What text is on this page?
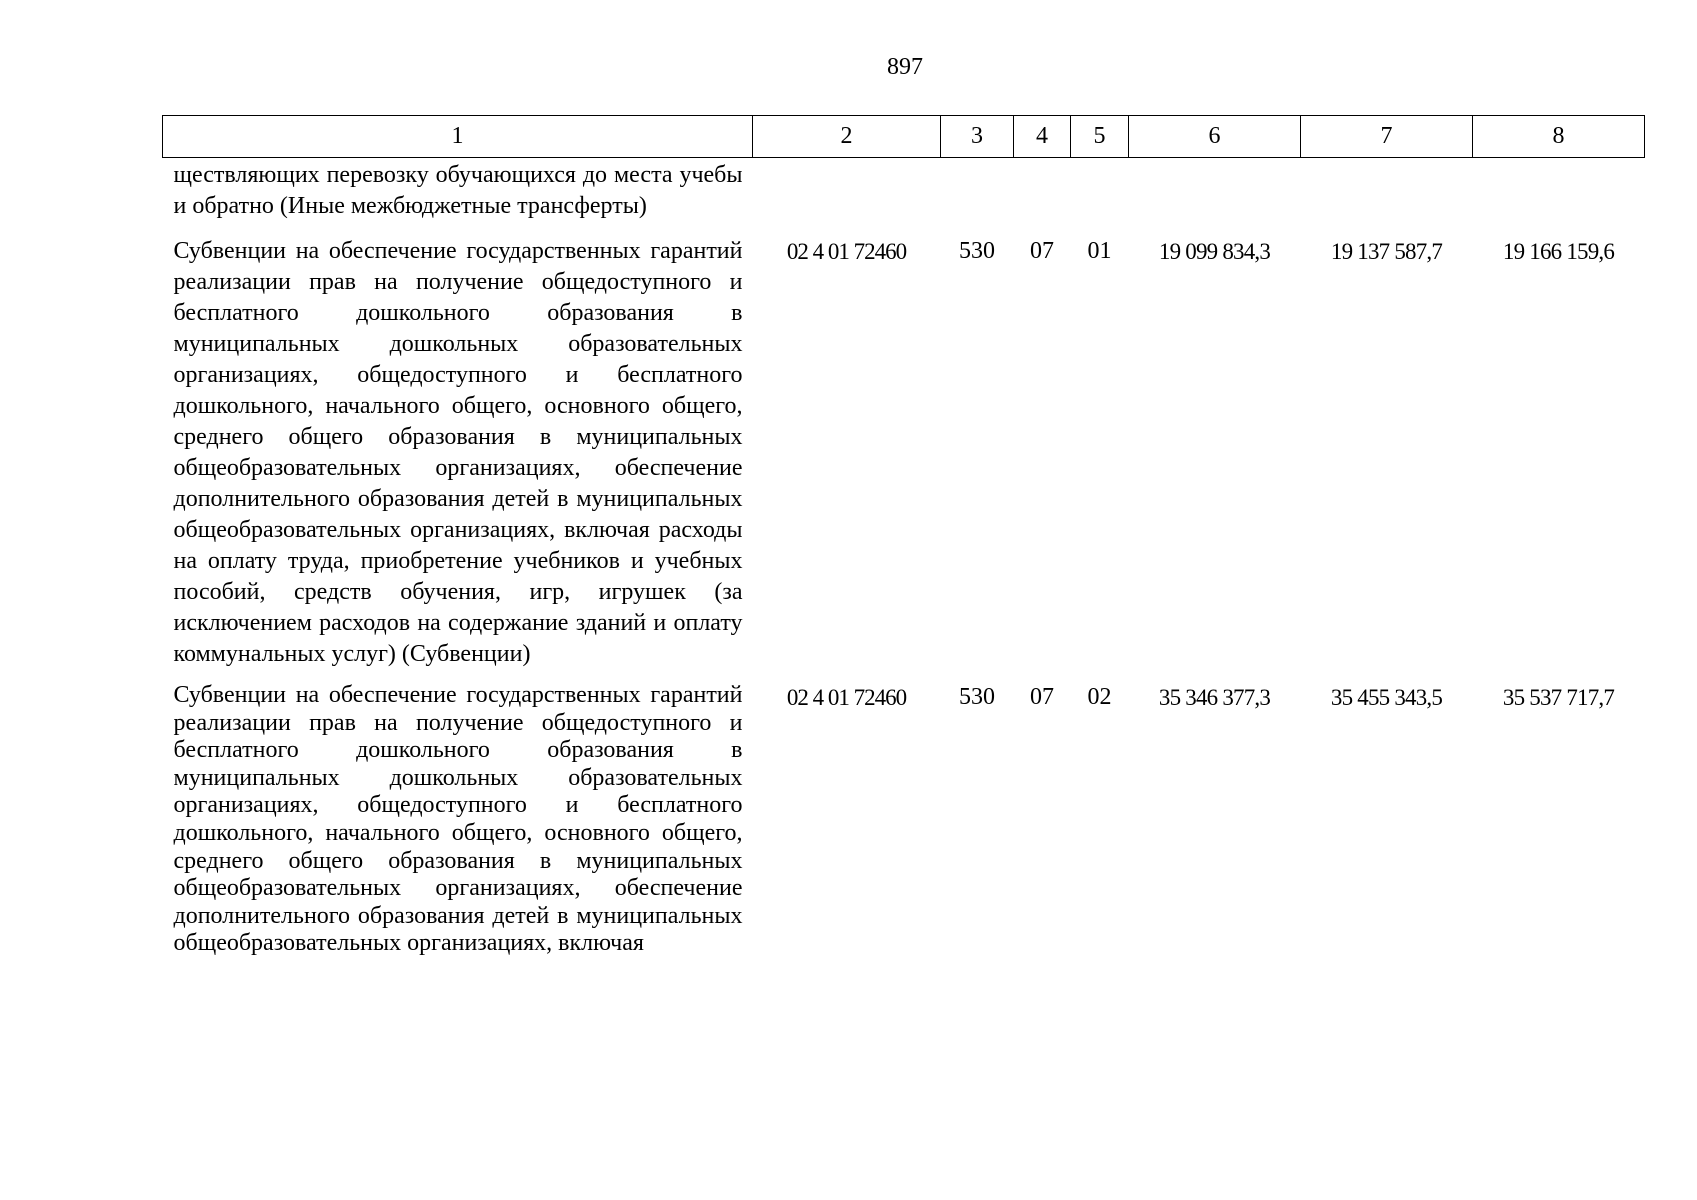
897
1	2	3	4	5	6	7	8
ществляющих перевозку обучающихся до места учебы и обратно (Иные межбюджетные трансферты)							
Субвенции на обеспечение государственных гарантий реализации прав на получение общедоступного и бесплатного дошкольного образования в муниципальных дошкольных образовательных организациях, общедоступного и бесплатного дошкольного, начального общего, основного общего, среднего общего образования в муниципальных общеобразовательных организациях, обеспечение дополнительного образования детей в муниципальных общеобразовательных организациях, включая расходы на оплату труда, приобретение учебников и учебных пособий, средств обучения, игр, игрушек (за исключением расходов на содержание зданий и оплату коммунальных услуг) (Субвенции)	02 4 01 72460	530	07	01	19 099 834,3	19 137 587,7	19 166 159,6
Субвенции на обеспечение государственных гарантий реализации прав на получение общедоступного и бесплатного дошкольного образования в муниципальных дошкольных образовательных организациях, общедоступного и бесплатного дошкольного, начального общего, основного общего, среднего общего образования в муниципальных общеобразовательных организациях, обеспечение дополнительного образования детей в муниципальных общеобразовательных организациях, включая	02 4 01 72460	530	07	02	35 346 377,3	35 455 343,5	35 537 717,7
